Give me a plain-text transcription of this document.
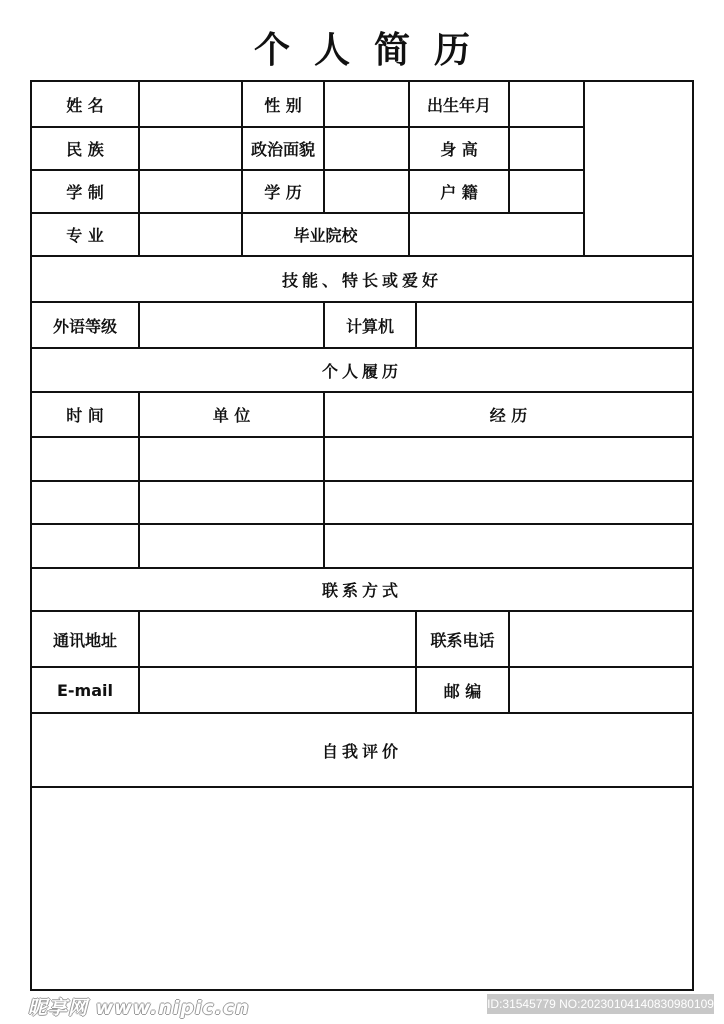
个人简历
姓 名	性 别	出生年月
民 族	政治面貌	身 高
学 制	学 历	户 籍
专 业	毕业院校
技能、特长或爱好
外语等级	计算机
个人履历
时 间	单 位	经 历
联系方式
通讯地址	联系电话
E-mail	邮 编
自我评价
昵享网 www.nipic.cn	ID:31545779 NO:20230104140830980109
